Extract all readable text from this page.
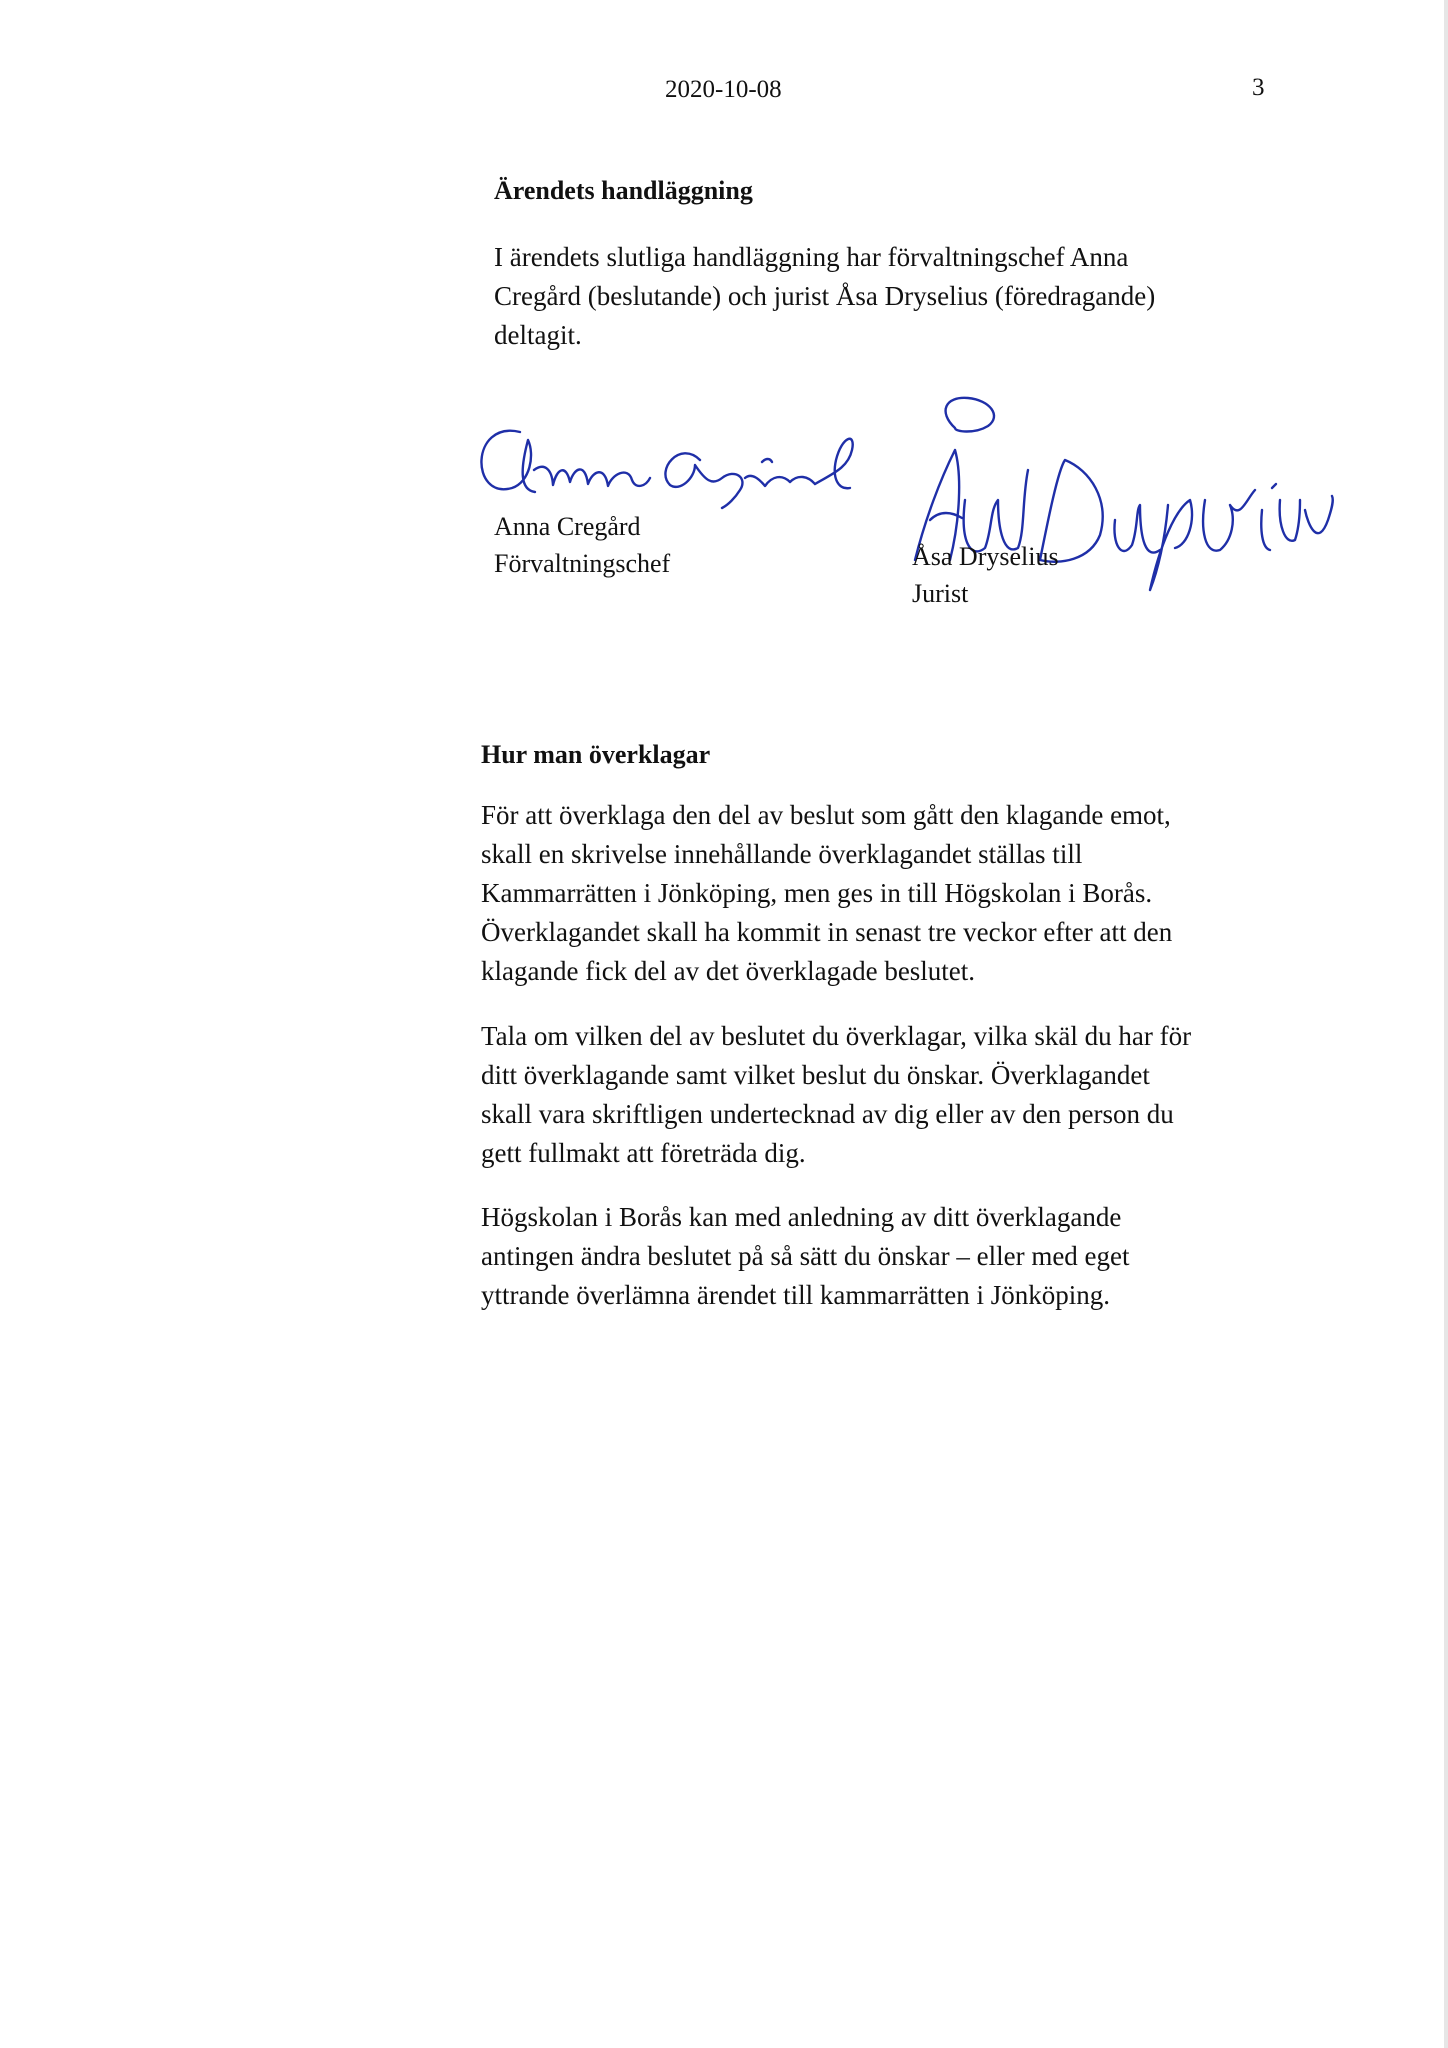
2020-10-08	3
Ärendets handläggning

I ärendets slutliga handläggning har förvaltningschef Anna
Cregård (beslutande) och jurist Åsa Dryselius (föredragande)
deltagit.

Anna Cregård
Förvaltningschef	Åsa Dryselius
Jurist
Hur man överklagar

För att överklaga den del av beslut som gått den klagande emot,
skall en skrivelse innehållande överklagandet ställas till
Kammarrätten i Jönköping, men ges in till Högskolan i Borås.
Överklagandet skall ha kommit in senast tre veckor efter att den
klagande fick del av det överklagade beslutet.

Tala om vilken del av beslutet du överklagar, vilka skäl du har för
ditt överklagande samt vilket beslut du önskar. Överklagandet
skall vara skriftligen undertecknad av dig eller av den person du
gett fullmakt att företräda dig.

Högskolan i Borås kan med anledning av ditt överklagande
antingen ändra beslutet på så sätt du önskar – eller med eget
yttrande överlämna ärendet till kammarrätten i Jönköping.
